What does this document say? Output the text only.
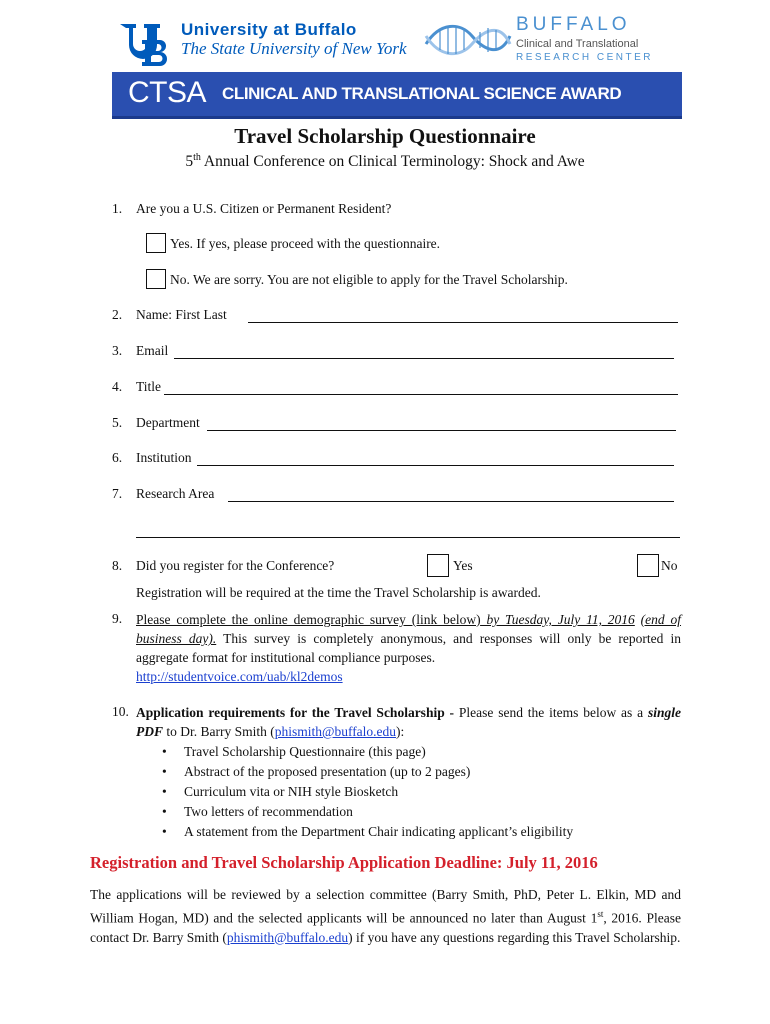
University at Buffalo
The State University of New York
BUFFALO
Clinical and Translational
RESEARCH CENTER
CTSA CLINICAL AND TRANSLATIONAL SCIENCE AWARD
Travel Scholarship Questionnaire
5th Annual Conference on Clinical Terminology: Shock and Awe
1. Are you a U.S. Citizen or Permanent Resident?
Yes. If yes, please proceed with the questionnaire.
No. We are sorry. You are not eligible to apply for the Travel Scholarship.
2. Name: First Last
3. Email
4. Title
5. Department
6. Institution
7. Research Area
8. Did you register for the Conference?	Yes	No
Registration will be required at the time the Travel Scholarship is awarded.
9. Please complete the online demographic survey (link below) by Tuesday, July 11, 2016 (end of business day). This survey is completely anonymous, and responses will only be reported in aggregate format for institutional compliance purposes.
http://studentvoice.com/uab/kl2demos
10. Application requirements for the Travel Scholarship - Please send the items below as a single PDF to Dr. Barry Smith (phismith@buffalo.edu):
• Travel Scholarship Questionnaire (this page)
• Abstract of the proposed presentation (up to 2 pages)
• Curriculum vita or NIH style Biosketch
• Two letters of recommendation
• A statement from the Department Chair indicating applicant’s eligibility
Registration and Travel Scholarship Application Deadline: July 11, 2016
The applications will be reviewed by a selection committee (Barry Smith, PhD, Peter L. Elkin, MD and William Hogan, MD) and the selected applicants will be announced no later than August 1st, 2016. Please contact Dr. Barry Smith (phismith@buffalo.edu) if you have any questions regarding this Travel Scholarship.
